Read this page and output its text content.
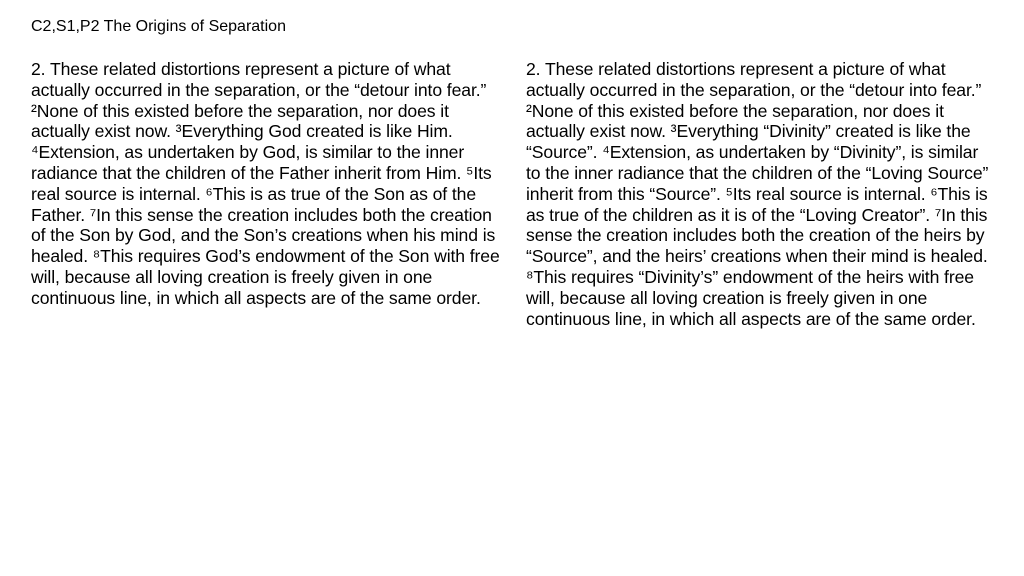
C2,S1,P2 The Origins of Separation

2. These related distortions represent a picture of what actually occurred in the separation, or the “detour into fear.” ²None of this existed before the separation, nor does it actually exist now. ³Everything God created is like Him. ⁴Extension, as undertaken by God, is similar to the inner radiance that the children of the Father inherit from Him. ⁵Its real source is internal. ⁶This is as true of the Son as of the Father. ⁷In this sense the creation includes both the creation of the Son by God, and the Son’s creations when his mind is healed. ⁸This requires God’s endowment of the Son with free will, because all loving creation is freely given in one continuous line, in which all aspects are of the same order.

2. These related distortions represent a picture of what actually occurred in the separation, or the “detour into fear.” ²None of this existed before the separation, nor does it actually exist now. ³Everything “Divinity” created is like the “Source”. ⁴Extension, as undertaken by “Divinity”, is similar to the inner radiance that the children of the “Loving Source” inherit from this “Source”. ⁵Its real source is internal. ⁶This is as true of the children as it is of the “Loving Creator”. ⁷In this sense the creation includes both the creation of the heirs by “Source”, and the heirs’ creations when their mind is healed. ⁸This requires “Divinity’s” endowment of the heirs with free will, because all loving creation is freely given in one continuous line, in which all aspects are of the same order.
